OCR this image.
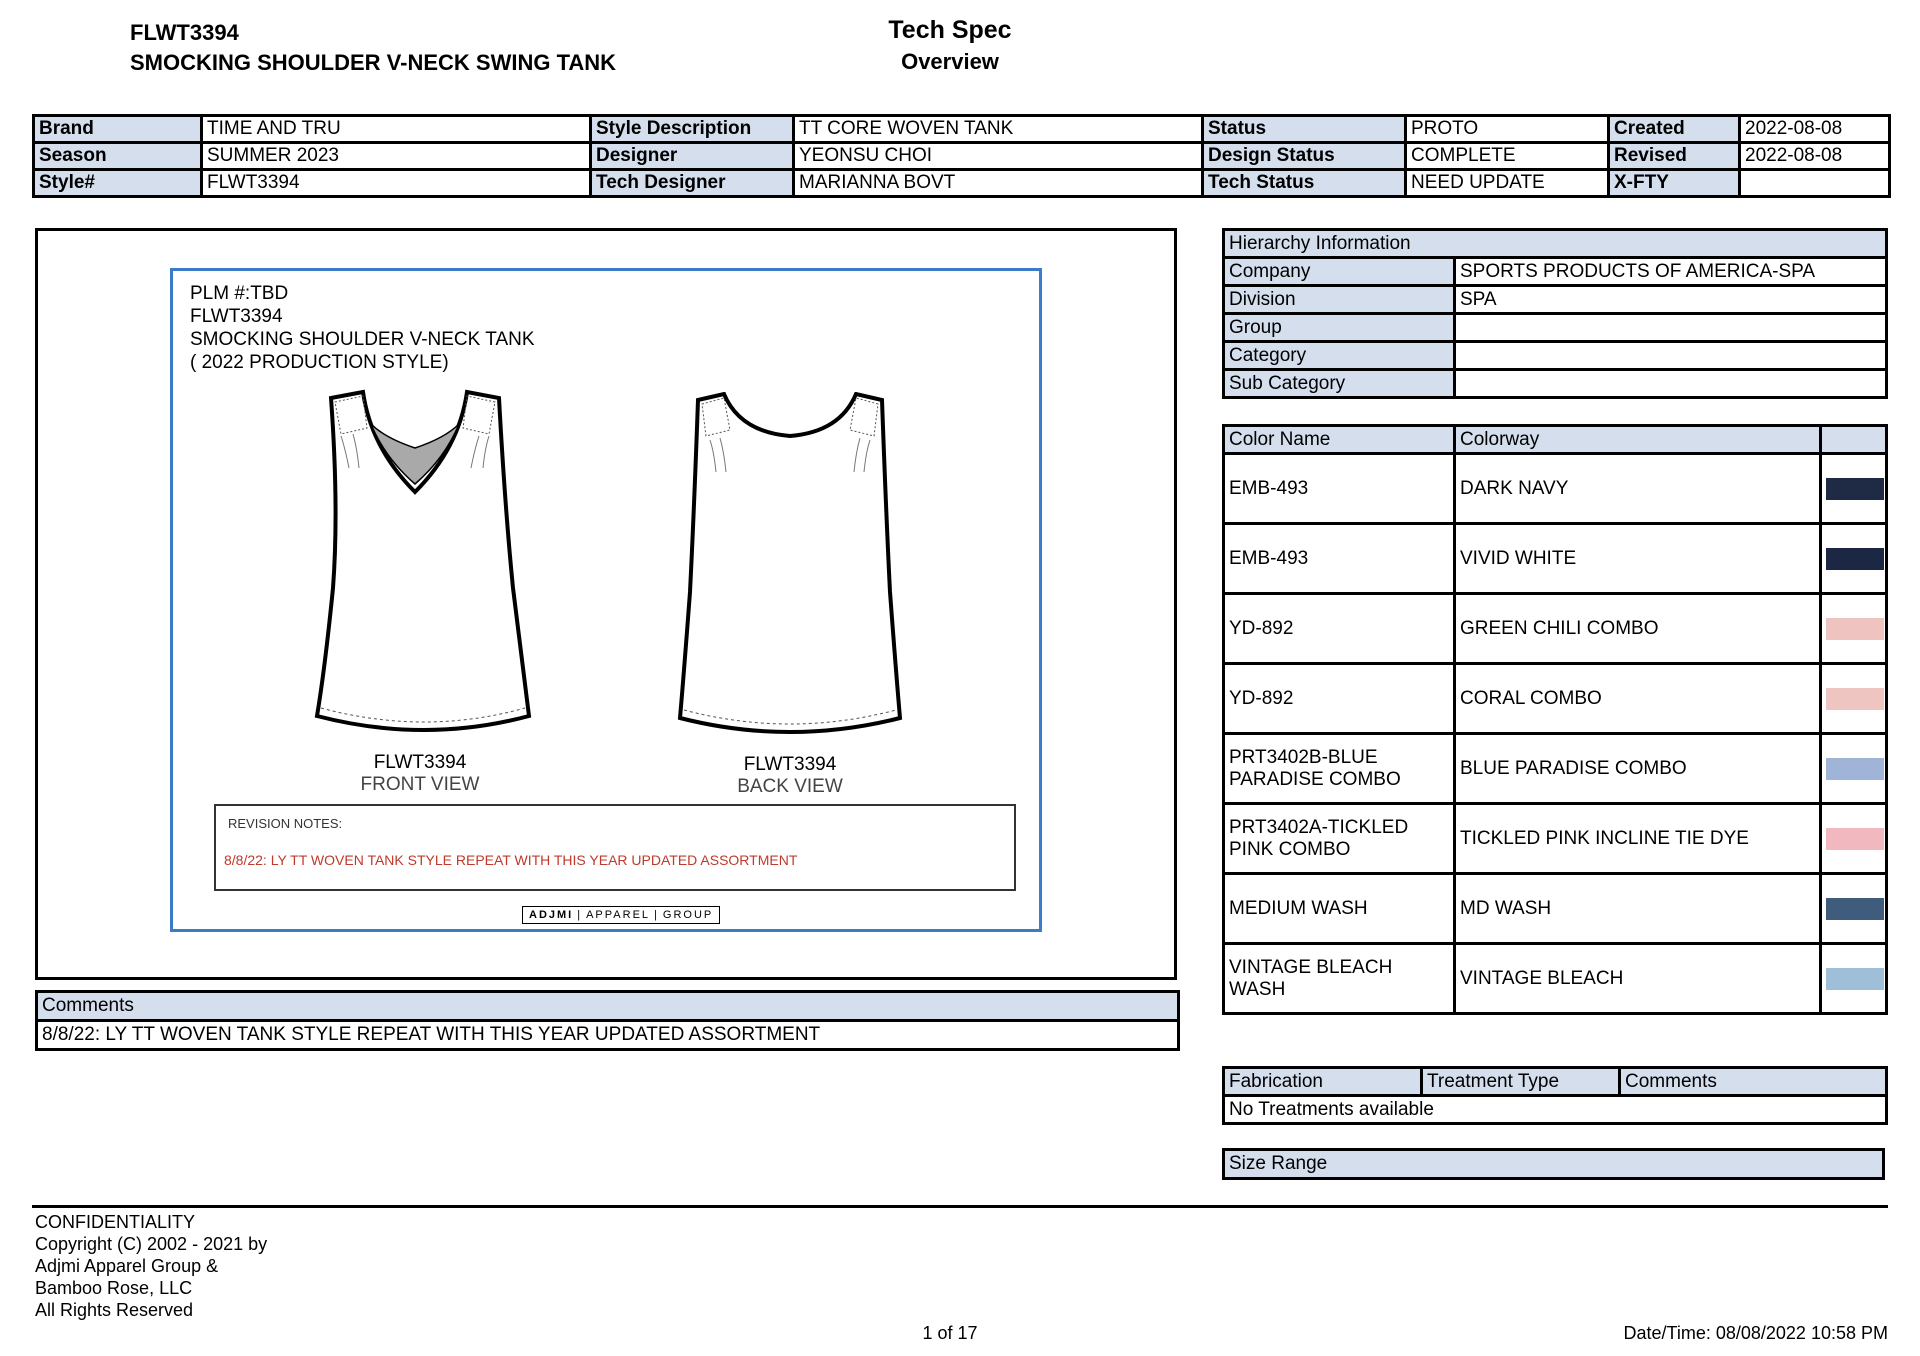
FLWT3394
SMOCKING SHOULDER V-NECK SWING TANK
Tech Spec
Overview
Brand	TIME AND TRU	Style Description	TT CORE WOVEN TANK	Status	PROTO	Created	2022-08-08
Season	SUMMER 2023	Designer	YEONSU CHOI	Design Status	COMPLETE	Revised	2022-08-08
Style#	FLWT3394	Tech Designer	MARIANNA BOVT	Tech Status	NEED UPDATE	X-FTY	
PLM #:TBD
FLWT3394
SMOCKING SHOULDER V-NECK TANK
( 2022 PRODUCTION STYLE)
FLWT3394
FRONT VIEW
FLWT3394
BACK VIEW
REVISION NOTES:
8/8/22: LY TT WOVEN TANK STYLE REPEAT WITH THIS YEAR UPDATED ASSORTMENT
ADJMI | APPAREL | GROUP
Comments
8/8/22: LY TT WOVEN TANK STYLE REPEAT WITH THIS YEAR UPDATED ASSORTMENT
Hierarchy Information	
Company	SPORTS PRODUCTS OF AMERICA-SPA
Division	SPA
Group	
Category	
Sub Category	
Color Name	Colorway	
EMB-493	DARK NAVY	

EMB-493	VIVID WHITE	

YD-892	GREEN CHILI COMBO	

YD-892	CORAL COMBO	

PRT3402B-BLUE PARADISE COMBO	BLUE PARADISE COMBO	

PRT3402A-TICKLED PINK COMBO	TICKLED PINK INCLINE TIE DYE	

MEDIUM WASH	MD WASH	

VINTAGE BLEACH WASH	VINTAGE BLEACH	
Fabrication	Treatment Type	Comments
No Treatments available
Size Range
CONFIDENTIALITY
Copyright (C) 2002 - 2021 by
Adjmi Apparel Group &
Bamboo Rose, LLC
All Rights Reserved
1 of 17	Date/Time: 08/08/2022 10:58 PM
